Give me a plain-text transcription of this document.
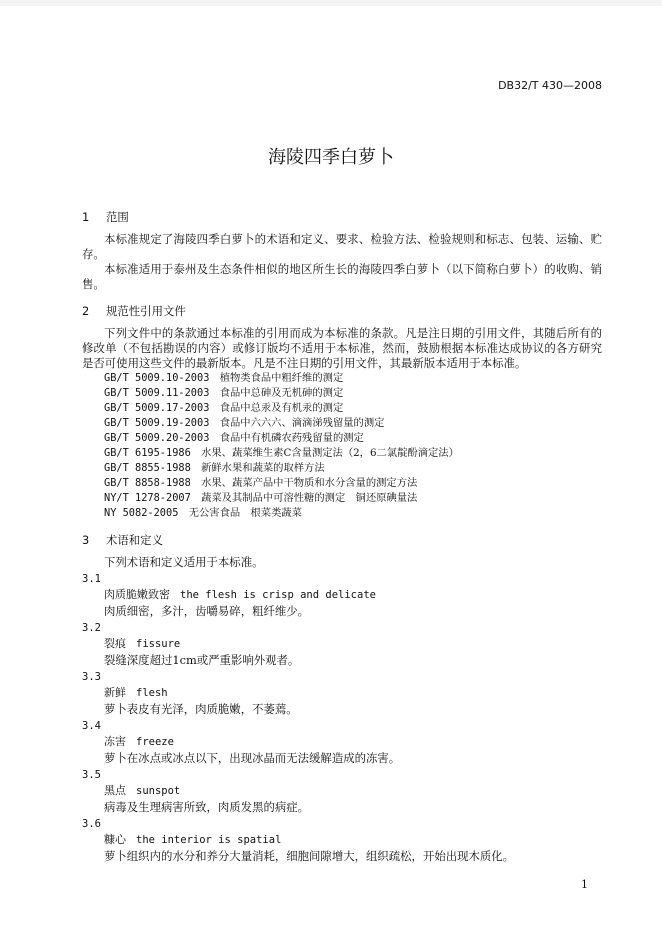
DB32/T 430—2008
海陵四季白萝卜
1 范围
本标准规定了海陵四季白萝卜的术语和定义、要求、检验方法、检验规则和标志、包装、运输、贮存。
本标准适用于泰州及生态条件相似的地区所生长的海陵四季白萝卜（以下简称白萝卜）的收购、销售。
2 规范性引用文件
下列文件中的条款通过本标准的引用而成为本标准的条款。凡是注日期的引用文件，其随后所有的修改单（不包括勘误的内容）或修订版均不适用于本标准，然而，鼓励根据本标准达成协议的各方研究是否可使用这些文件的最新版本。凡是不注日期的引用文件，其最新版本适用于本标准。
GB/T 5009.10-2003　 植物类食品中粗纤维的测定
GB/T 5009.11-2003　 食品中总砷及无机砷的测定
GB/T 5009.17-2003　 食品中总汞及有机汞的测定
GB/T 5009.19-2003　 食品中六六六、滴滴涕残留量的测定
GB/T 5009.20-2003　 食品中有机磷农药残留量的测定
GB/T 6195-1986　 水果、蔬菜维生素C含量测定法（2，6二氯靛酚滴定法）
GB/T 8855-1988　 新鲜水果和蔬菜的取样方法
GB/T 8858-1988　 水果、蔬菜产品中干物质和水分含量的测定方法
NY/T 1278-2007　 蔬菜及其制品中可溶性糖的测定　铜还原碘量法
NY 5082-2005　 无公害食品　根菜类蔬菜
3 术语和定义
下列术语和定义适用于本标准。
3.1
肉质脆嫩致密 the flesh is crisp and delicate
肉质细密，多汁，齿嚼易碎，粗纤维少。
3.2
裂痕 fissure
裂缝深度超过1cm或严重影响外观者。
3.3
新鲜 flesh
萝卜表皮有光泽，肉质脆嫩，不萎蔫。
3.4
冻害 freeze
萝卜在冰点或冰点以下，出现冰晶而无法缓解造成的冻害。
3.5
黑点 sunspot
病毒及生理病害所致，肉质发黑的病症。
3.6
糠心 the interior is spatial
萝卜组织内的水分和养分大量消耗，细胞间隙增大，组织疏松，开始出现木质化。
1
